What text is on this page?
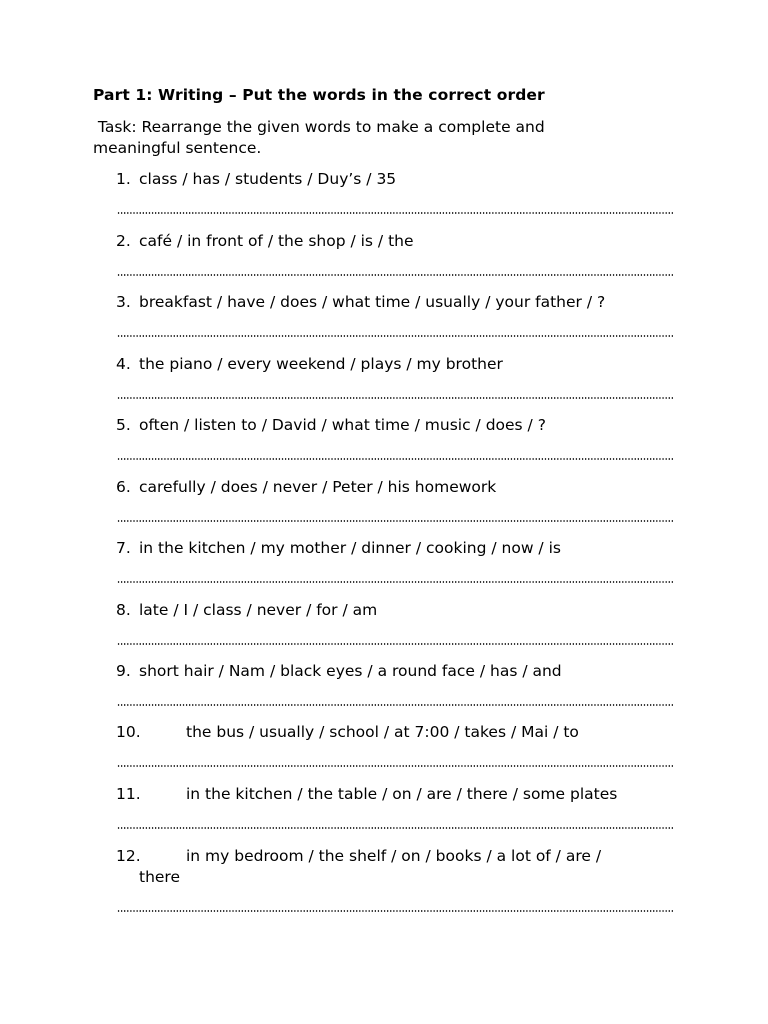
Part 1: Writing – Put the words in the correct order
Task: Rearrange the given words to make a complete and meaningful sentence.
1. class / has / students / Duy’s / 35
2. café / in front of / the shop / is / the
3. breakfast / have / does / what time / usually / your father / ?
4. the piano / every weekend / plays / my brother
5. often / listen to / David / what time / music / does / ?
6. carefully / does / never / Peter / his homework
7. in the kitchen / my mother / dinner / cooking / now / is
8. late / I / class / never / for / am
9. short hair / Nam / black eyes / a round face / has / and
10.	the bus / usually / school / at 7:00 / takes / Mai / to
11.	in the kitchen / the table / on / are / there / some plates
12.	in my bedroom / the shelf / on / books / a lot of / are /
there
